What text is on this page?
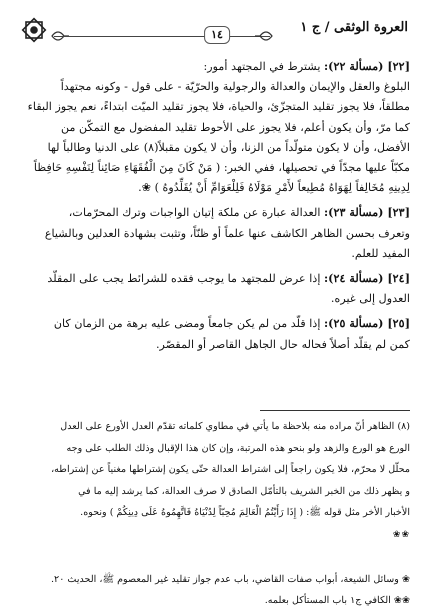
١٤	العروة الوثقى / ج ١

[٢٢] (مسألة ٢٢): يشترط في المجتهد أمور:

البلوغ والعقل والإيمان والعدالة والرجولية والحرّيّة - على قول - وكونه مجتهداً

مطلقاً، فلا يجوز تقليد المتجزّئ، والحياة، فلا يجوز تقليد الميّت ابتداءً، نعم يجوز البقاء

كما مرّ، وأن يكون أعلم، فلا يجوز على الأحوط تقليد المفضول مع التمكّن من

الأفضل، وأن لا يكون متولّداً من الزنا، وأن لا يكون مقبلاً(٨) على الدنيا وطالباً لها

مكبّاً عليها مجدّاً في تحصيلها، ففي الخبر: ( مَنْ كَانَ مِنَ الْفُقَهَاءِ صَائِناً لِنَفْسِهِ حَافِظاً

لِدِينِهِ مُخَالِفاً لِهَوَاهُ مُطِيعاً لأَمْرِ مَوْلَاهُ فَلِلْعَوَامِّ أَنْ يُقَلِّدُوهُ ) ❀.

[٢٣] (مسألة ٢٣): العدالة عبارة عن ملكة إتيان الواجبات وترك المحرّمات،

وتعرف بحسن الظاهر الكاشف عنها علماً أو ظنّاً، وتثبت بشهادة العدلين وبالشياع

المفيد للعلم.

[٢٤] (مسألة ٢٤): إذا عرض للمجتهد ما يوجب فقده للشرائط يجب على المقلّد

العدول إلى غيره.

[٢٥] (مسألة ٢٥): إذا قلّد من لم يكن جامعاً ومضى عليه برهة من الزمان كان

كمن لم يقلّد أصلاً فحاله حال الجاهل القاصر أو المقصّر.

(٨) الظاهر أنّ مراده منه بلاحظة ما يأتي في مطاوي كلماته تقدّم العدل الأورع على العدل

الورع هو الورع والزهد ولو بنحو هذه المرتبة، وإن كان هذا الإقبال وذلك الطلب على وجه

محلّل لا محرّم، فلا يكون راجعاً إلى اشتراط العدالة حتّى يكون إشتراطها مغنياً عن إشتراطه،

و يظهر ذلك من الخبر الشريف بالتأمّل الصادق لا صرف العدالة، كما يرشد إليه ما في

الأخبار الأخر مثل قوله ﷺ: ( إِذَا رَأَيْتُمُ الْعَالِمَ مُحِبّاً لِدُنْيَاهُ فَاتَّهِمُوهُ عَلَى دِينِكُمْ ) ونحوه.

❀❀

❀ وسائل الشيعة، أبواب صفات القاضي، باب عدم جواز تقليد غير المعصوم ﷺ، الحديث ٢٠.

❀❀ الكافي ج١ باب المستأكل بعلمه.
